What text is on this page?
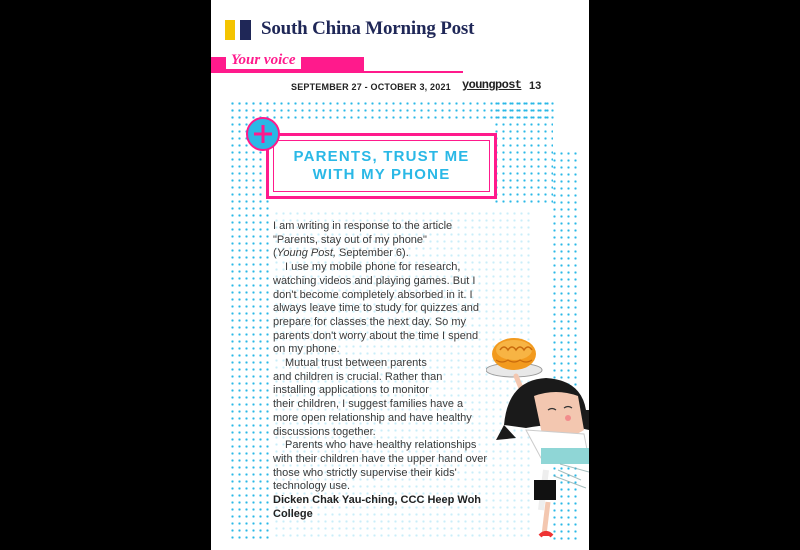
South China Morning Post
Your voice
SEPTEMBER 27 - OCTOBER 3, 2021 youngpost 13
PARENTS, TRUST ME
WITH MY PHONE

I am writing in response to the article "Parents, stay out of my phone"
(Young Post, September 6).

I use my mobile phone for research, watching videos and playing games. But I don't become completely absorbed in it. I always leave time to study for quizzes and prepare for classes the next day. So my parents don't worry about the time I spend on my phone.

Mutual trust between parents and children is crucial. Rather than installing applications to monitor

their children, I suggest families have a more open relationship and have healthy discussions together.

Parents who have healthy relationships with their children have the upper hand over those who strictly supervise their kids' technology use.

Dicken Chak Yau-ching, CCC Heep Woh College
